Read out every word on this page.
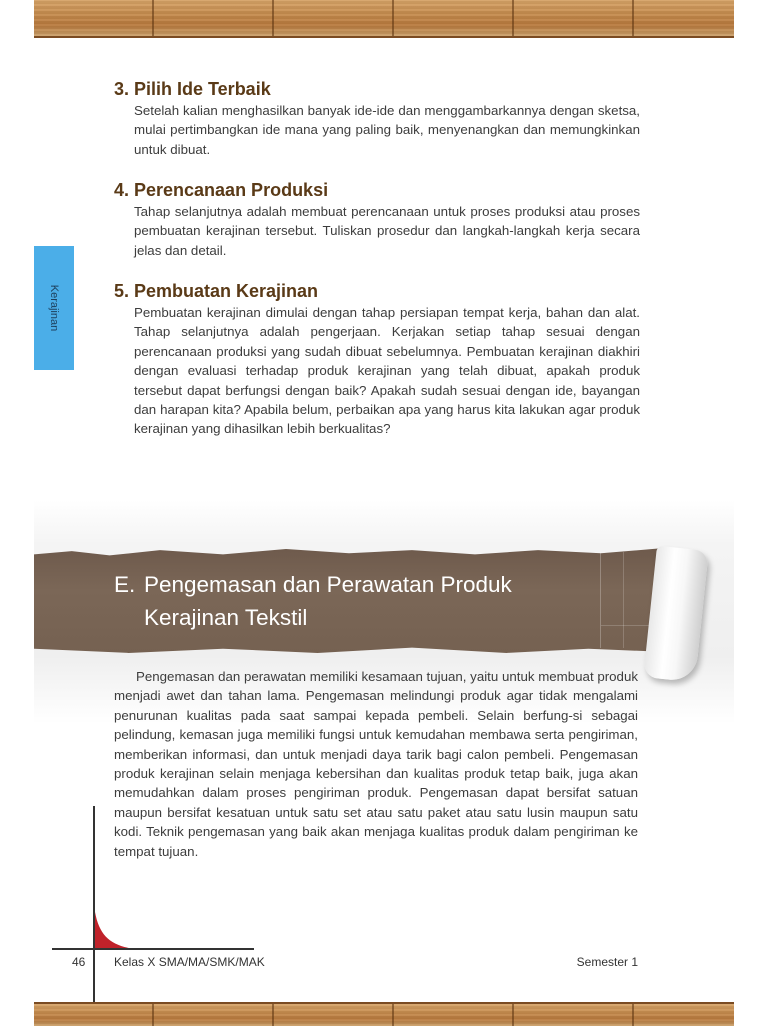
Kerajinan
3. Pilih Ide Terbaik

Setelah kalian menghasilkan banyak ide-ide dan menggambarkannya dengan sketsa, mulai pertimbangkan ide mana yang paling baik, menyenangkan dan memungkinkan untuk dibuat.

4. Perencanaan Produksi

Tahap selanjutnya adalah membuat perencanaan untuk proses produksi atau proses pembuatan kerajinan tersebut. Tuliskan prosedur dan langkah-langkah kerja secara jelas dan detail.

5. Pembuatan Kerajinan

Pembuatan kerajinan dimulai dengan tahap persiapan tempat kerja, bahan dan alat. Tahap selanjutnya adalah pengerjaan. Kerjakan setiap tahap sesuai dengan perencanaan produksi yang sudah dibuat sebelumnya. Pembuatan kerajinan diakhiri dengan evaluasi terhadap produk kerajinan yang telah dibuat, apakah produk tersebut dapat berfungsi dengan baik? Apakah sudah sesuai dengan ide, bayangan dan harapan kita? Apabila belum, perbaikan apa yang harus kita lakukan agar produk kerajinan yang dihasilkan lebih berkualitas?

E. Pengemasan dan Perawatan Produk
Kerajinan Tekstil

Pengemasan dan perawatan memiliki kesamaan tujuan, yaitu untuk membuat produk menjadi awet dan tahan lama. Pengemasan melindungi produk agar tidak mengalami penurunan kualitas pada saat sampai kepada pembeli. Selain berfung-si sebagai pelindung, kemasan juga memiliki fungsi untuk kemudahan membawa serta pengiriman, memberikan informasi, dan untuk menjadi daya tarik bagi calon pembeli. Pengemasan produk kerajinan selain menjaga kebersihan dan kualitas produk tetap baik, juga akan memudahkan dalam proses pengiriman produk. Pengemasan dapat bersifat satuan maupun bersifat kesatuan untuk satu set atau satu paket atau satu lusin maupun satu kodi. Teknik pengemasan yang baik akan menjaga kualitas produk dalam pengiriman ke tempat tujuan.

46 Kelas X SMA/MA/SMK/MAK	Semester 1
